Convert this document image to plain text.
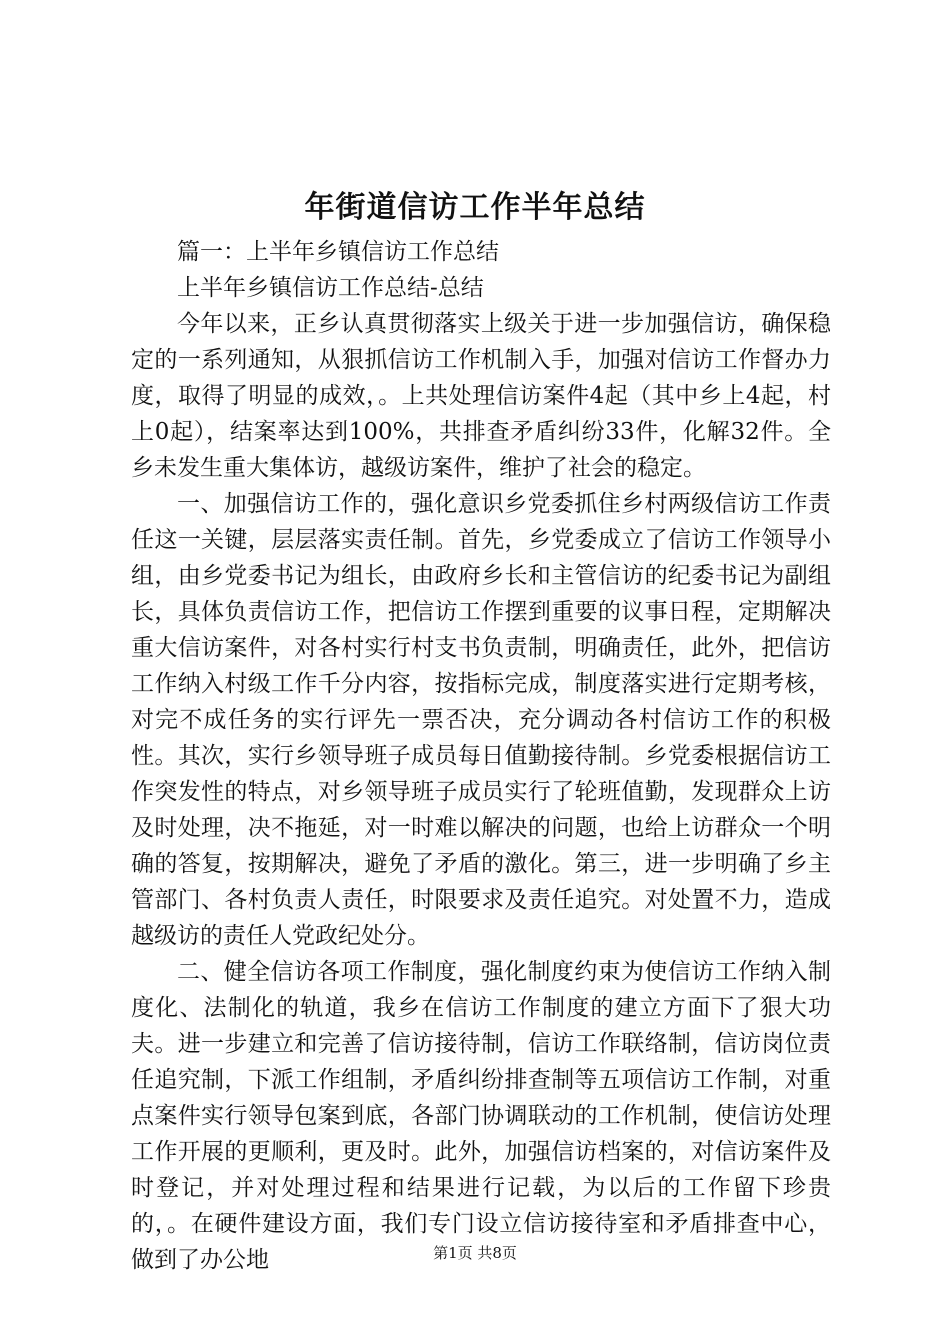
年街道信访工作半年总结

篇一：上半年乡镇信访工作总结

上半年乡镇信访工作总结-总结

今年以来，正乡认真贯彻落实上级关于进一步加强信访，确保稳定的一系列通知，从狠抓信访工作机制入手，加强对信访工作督办力度，取得了明显的成效，。上共处理信访案件4起（其中乡上4起，村上0起），结案率达到100%，共排查矛盾纠纷33件，化解32件。全乡未发生重大集体访，越级访案件，维护了社会的稳定。

一、加强信访工作的，强化意识乡党委抓住乡村两级信访工作责任这一关键，层层落实责任制。首先，乡党委成立了信访工作领导小组，由乡党委书记为组长，由政府乡长和主管信访的纪委书记为副组长，具体负责信访工作，把信访工作摆到重要的议事日程，定期解决重大信访案件，对各村实行村支书负责制，明确责任，此外，把信访工作纳入村级工作千分内容，按指标完成，制度落实进行定期考核，对完不成任务的实行评先一票否决，充分调动各村信访工作的积极性。其次，实行乡领导班子成员每日值勤接待制。乡党委根据信访工作突发性的特点，对乡领导班子成员实行了轮班值勤，发现群众上访及时处理，决不拖延，对一时难以解决的问题，也给上访群众一个明确的答复，按期解决，避免了矛盾的激化。第三，进一步明确了乡主管部门、各村负责人责任，时限要求及责任追究。对处置不力，造成越级访的责任人党政纪处分。

二、健全信访各项工作制度，强化制度约束为使信访工作纳入制度化、法制化的轨道，我乡在信访工作制度的建立方面下了狠大功夫。进一步建立和完善了信访接待制，信访工作联络制，信访岗位责任追究制，下派工作组制，矛盾纠纷排查制等五项信访工作制，对重点案件实行领导包案到底，各部门协调联动的工作机制，使信访处理工作开展的更顺利，更及时。此外，加强信访档案的，对信访案件及时登记，并对处理过程和结果进行记载，为以后的工作留下珍贵的，。在硬件建设方面，我们专门设立信访接待室和矛盾排查中心，做到了办公地	第1页 共8页
